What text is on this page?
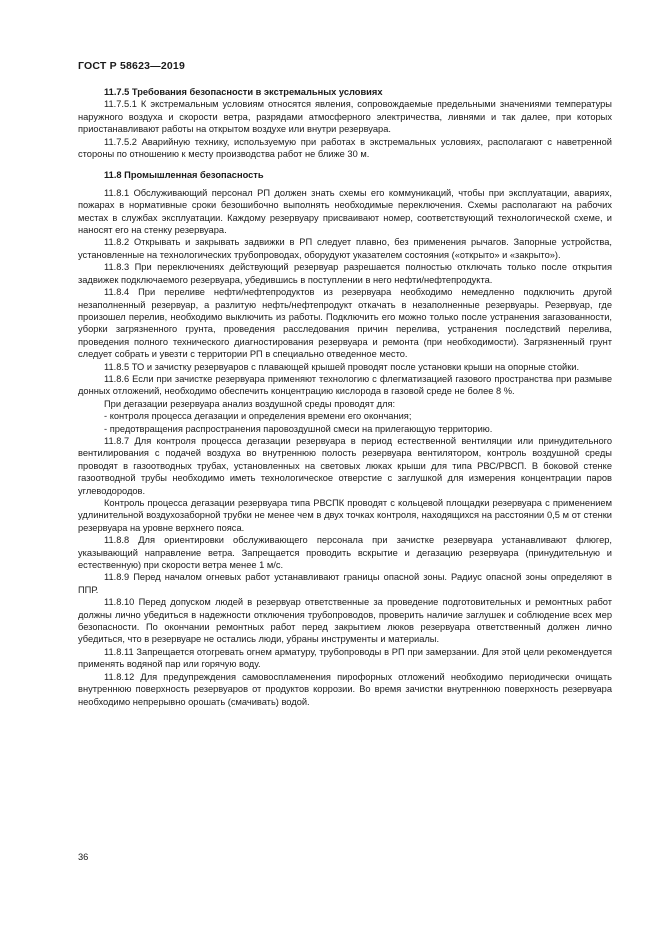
ГОСТ Р 58623—2019
11.7.5 Требования безопасности в экстремальных условиях

11.7.5.1 К экстремальным условиям относятся явления, сопровождаемые предельными значениями температуры наружного воздуха и скорости ветра, разрядами атмосферного электричества, ливнями и так далее, при которых приостанавливают работы на открытом воздухе или внутри резервуара.

11.7.5.2 Аварийную технику, используемую при работах в экстремальных условиях, располагают с наветренной стороны по отношению к месту производства работ не ближе 30 м.

11.8 Промышленная безопасность

11.8.1 Обслуживающий персонал РП должен знать схемы его коммуникаций, чтобы при эксплуатации, авариях, пожарах в нормативные сроки безошибочно выполнять необходимые переключения. Схемы располагают на рабочих местах в службах эксплуатации. Каждому резервуару присваивают номер, соответствующий технологической схеме, и наносят его на стенку резервуара.

11.8.2 Открывать и закрывать задвижки в РП следует плавно, без применения рычагов. Запорные устройства, установленные на технологических трубопроводах, оборудуют указателем состояния («открыто» и «закрыто»).

11.8.3 При переключениях действующий резервуар разрешается полностью отключать только после открытия задвижек подключаемого резервуара, убедившись в поступлении в него нефти/нефтепродукта.

11.8.4 При переливе нефти/нефтепродуктов из резервуара необходимо немедленно подключить другой незаполненный резервуар, а разлитую нефть/нефтепродукт откачать в незаполненные резервуары. Резервуар, где произошел перелив, необходимо выключить из работы. Подключить его можно только после устранения загазованности, уборки загрязненного грунта, проведения расследования причин перелива, устранения последствий перелива, проведения полного технического диагностирования резервуара и ремонта (при необходимости). Загрязненный грунт следует собрать и увезти с территории РП в специально отведенное место.

11.8.5 ТО и зачистку резервуаров с плавающей крышей проводят после установки крыши на опорные стойки.

11.8.6 Если при зачистке резервуара применяют технологию с флегматизацией газового пространства при размыве донных отложений, необходимо обеспечить концентрацию кислорода в газовой среде не более 8 %.

При дегазации резервуара анализ воздушной среды проводят для:

- контроля процесса дегазации и определения времени его окончания;
- предотвращения распространения паровоздушной смеси на прилегающую территорию.

11.8.7 Для контроля процесса дегазации резервуара в период естественной вентиляции или принудительного вентилирования с подачей воздуха во внутреннюю полость резервуара вентилятором, контроль воздушной среды проводят в газоотводных трубах, установленных на световых люках крыши для типа РВС/РВСП. В боковой стенке газоотводной трубы необходимо иметь технологическое отверстие с заглушкой для измерения концентрации паров углеводородов.

Контроль процесса дегазации резервуара типа РВСПК проводят с кольцевой площадки резервуара с применением удлинительной воздухозаборной трубки не менее чем в двух точках контроля, находящихся на расстоянии 0,5 м от стенки резервуара на уровне верхнего пояса.

11.8.8 Для ориентировки обслуживающего персонала при зачистке резервуара устанавливают флюгер, указывающий направление ветра. Запрещается проводить вскрытие и дегазацию резервуара (принудительную и естественную) при скорости ветра менее 1 м/с.

11.8.9 Перед началом огневых работ устанавливают границы опасной зоны. Радиус опасной зоны определяют в ППР.

11.8.10 Перед допуском людей в резервуар ответственные за проведение подготовительных и ремонтных работ должны лично убедиться в надежности отключения трубопроводов, проверить наличие заглушек и соблюдение всех мер безопасности. По окончании ремонтных работ перед закрытием люков резервуара ответственный должен лично убедиться, что в резервуаре не остались люди, убраны инструменты и материалы.

11.8.11 Запрещается отогревать огнем арматуру, трубопроводы в РП при замерзании. Для этой цели рекомендуется применять водяной пар или горячую воду.

11.8.12 Для предупреждения самовоспламенения пирофорных отложений необходимо периодически очищать внутреннюю поверхность резервуаров от продуктов коррозии. Во время зачистки внутреннюю поверхность резервуара необходимо непрерывно орошать (смачивать) водой.

36
